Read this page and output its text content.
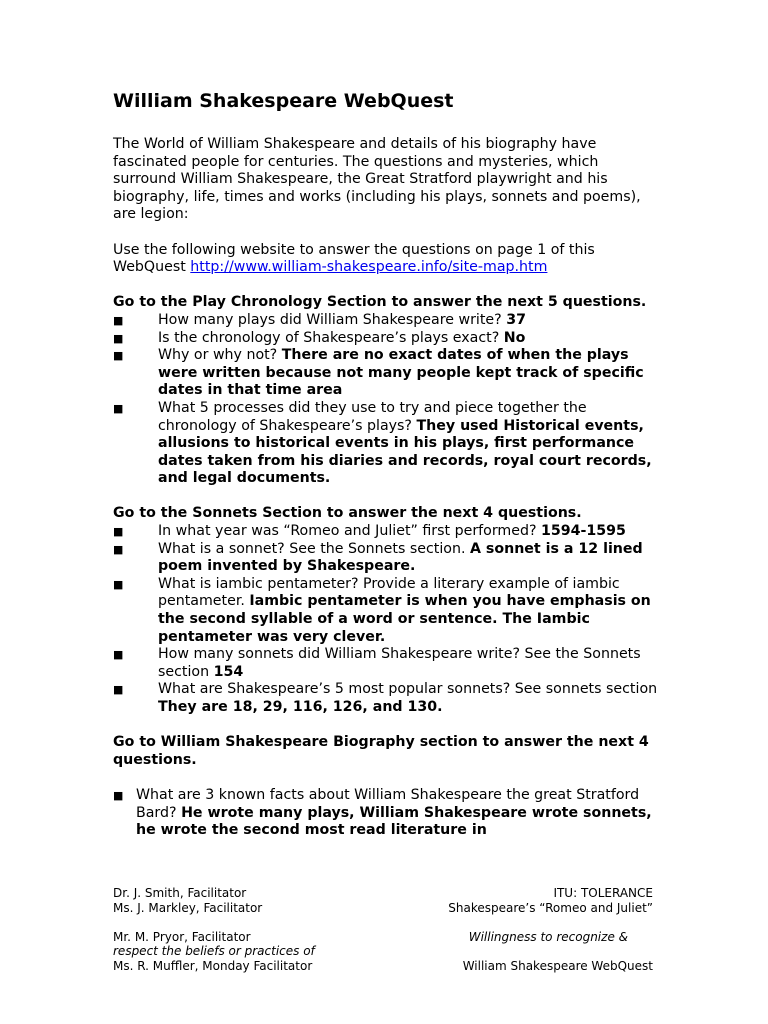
William Shakespeare WebQuest

The World of William Shakespeare and details of his biography have fascinated people for centuries. The questions and mysteries, which surround William Shakespeare, the Great Stratford playwright and his biography, life, times and works (including his plays, sonnets and poems), are legion:

Use the following website to answer the questions on page 1 of this WebQuest http://www.william-shakespeare.info/site-map.htm

Go to the Play Chronology Section to answer the next 5 questions.

■ How many plays did William Shakespeare write? 37
■ Is the chronology of Shakespeare’s plays exact? No
■ Why or why not? There are no exact dates of when the plays were written because not many people kept track of specific dates in that time area
■ What 5 processes did they use to try and piece together the chronology of Shakespeare’s plays? They used Historical events, allusions to historical events in his plays, first performance dates taken from his diaries and records, royal court records, and legal documents.

Go to the Sonnets Section to answer the next 4 questions.

■ In what year was “Romeo and Juliet” first performed? 1594-1595
■ What is a sonnet? See the Sonnets section. A sonnet is a 12 lined poem invented by Shakespeare.
■ What is iambic pentameter? Provide a literary example of iambic pentameter. Iambic pentameter is when you have emphasis on the second syllable of a word or sentence. The Iambic pentameter was very clever.
■ How many sonnets did William Shakespeare write? See the Sonnets section 154
■ What are Shakespeare’s 5 most popular sonnets? See sonnets section They are 18, 29, 116, 126, and 130.

Go to William Shakespeare Biography section to answer the next 4 questions.

■ What are 3 known facts about William Shakespeare the great Stratford Bard? He wrote many plays, William Shakespeare wrote sonnets, he wrote the second most read literature in
Dr. J. Smith, Facilitator	ITU: TOLERANCE
Ms. J. Markley, Facilitator	Shakespeare’s “Romeo and Juliet”
Mr. M. Pryor, Facilitator	Willingness to recognize &
respect the beliefs or practices of
Ms. R. Muffler, Monday Facilitator	William Shakespeare WebQuest
